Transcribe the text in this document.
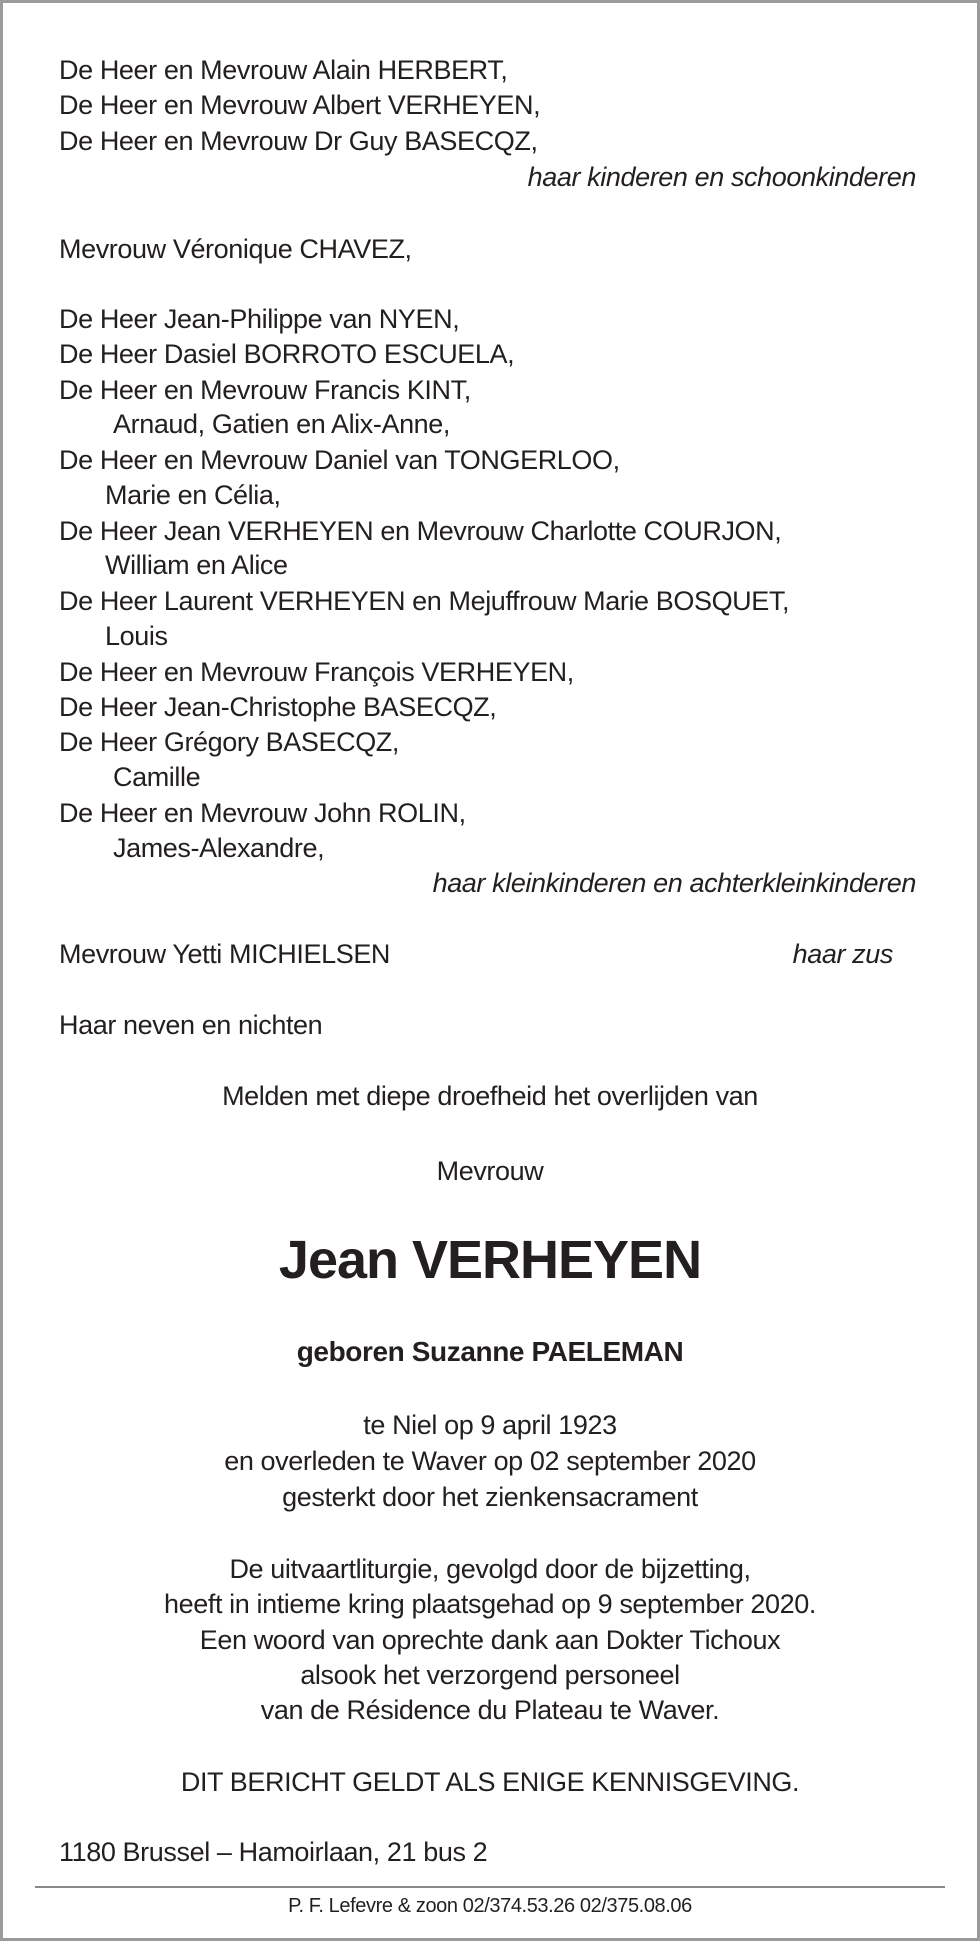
De Heer en Mevrouw Alain HERBERT,
De Heer en Mevrouw Albert VERHEYEN,
De Heer en Mevrouw Dr Guy BASECQZ,
haar kinderen en schoonkinderen
Mevrouw Véronique CHAVEZ,
De Heer Jean-Philippe van NYEN,
De Heer Dasiel BORROTO ESCUELA,
De Heer en Mevrouw Francis KINT,
Arnaud, Gatien en Alix-Anne,
De Heer en Mevrouw Daniel van TONGERLOO,
Marie en Célia,
De Heer Jean VERHEYEN en Mevrouw Charlotte COURJON,
William en Alice
De Heer Laurent VERHEYEN en Mejuffrouw Marie BOSQUET,
Louis
De Heer en Mevrouw François VERHEYEN,
De Heer Jean-Christophe BASECQZ,
De Heer Grégory BASECQZ,
Camille
De Heer en Mevrouw John ROLIN,
James-Alexandre,
haar kleinkinderen en achterkleinkinderen
Mevrouw Yetti MICHIELSEN	haar zus
Haar neven en nichten
Melden met diepe droefheid het overlijden van
Mevrouw
Jean VERHEYEN
geboren Suzanne PAELEMAN
te Niel op 9 april 1923
en overleden te Waver op 02 september 2020
gesterkt door het zienkensacrament
De uitvaartliturgie, gevolgd door de bijzetting,
heeft in intieme kring plaatsgehad op 9 september 2020.
Een woord van oprechte dank aan Dokter Tichoux
alsook het verzorgend personeel
van de Résidence du Plateau te Waver.
DIT BERICHT GELDT ALS ENIGE KENNISGEVING.
1180 Brussel – Hamoirlaan, 21 bus 2
P. F. Lefevre & zoon 02/374.53.26 02/375.08.06
